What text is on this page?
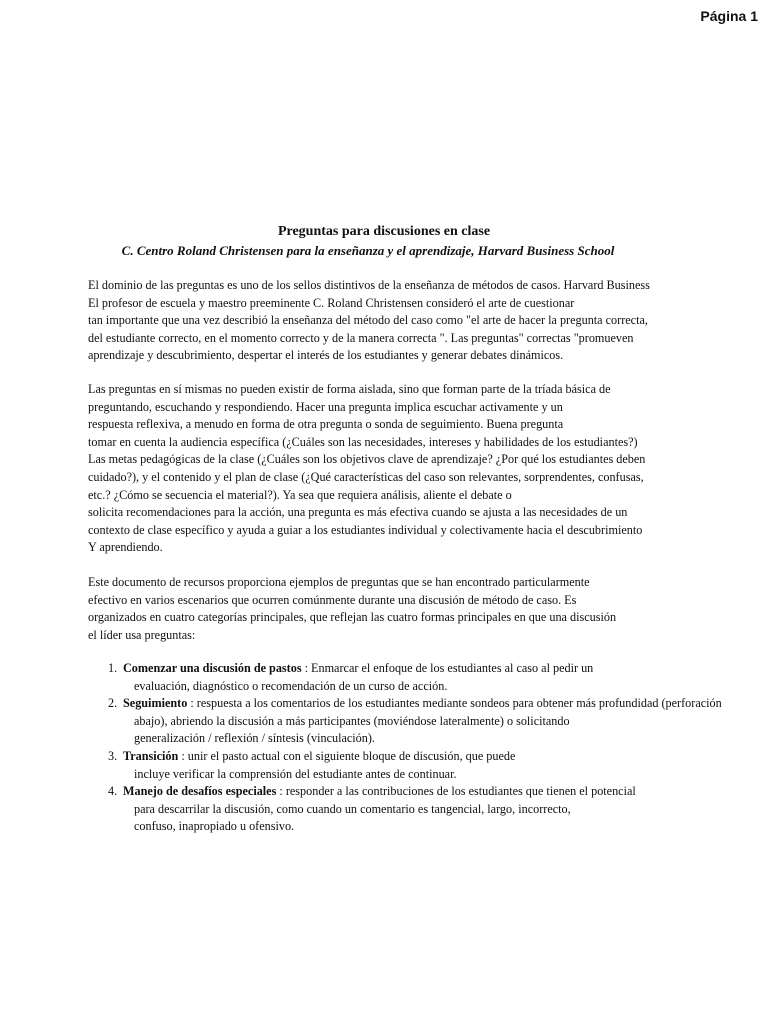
Página 1
Preguntas para discusiones en clase
C. Centro Roland Christensen para la enseñanza y el aprendizaje, Harvard Business School

El dominio de las preguntas es uno de los sellos distintivos de la enseñanza de métodos de casos. Harvard Business
El profesor de escuela y maestro preeminente C. Roland Christensen consideró el arte de cuestionar
tan importante que una vez describió la enseñanza del método del caso como "el arte de hacer la pregunta correcta,
del estudiante correcto, en el momento correcto y de la manera correcta ". Las preguntas" correctas "promueven
aprendizaje y descubrimiento, despertar el interés de los estudiantes y generar debates dinámicos.

Las preguntas en sí mismas no pueden existir de forma aislada, sino que forman parte de la tríada básica de
preguntando, escuchando y respondiendo. Hacer una pregunta implica escuchar activamente y un
respuesta reflexiva, a menudo en forma de otra pregunta o sonda de seguimiento. Buena pregunta
tomar en cuenta la audiencia específica (¿Cuáles son las necesidades, intereses y habilidades de los estudiantes?)
Las metas pedagógicas de la clase (¿Cuáles son los objetivos clave de aprendizaje? ¿Por qué los estudiantes deben
cuidado?), y el contenido y el plan de clase (¿Qué características del caso son relevantes, sorprendentes, confusas,
etc.? ¿Cómo se secuencia el material?). Ya sea que requiera análisis, aliente el debate o
solicita recomendaciones para la acción, una pregunta es más efectiva cuando se ajusta a las necesidades de un
contexto de clase específico y ayuda a guiar a los estudiantes individual y colectivamente hacia el descubrimiento
Y aprendiendo.

Este documento de recursos proporciona ejemplos de preguntas que se han encontrado particularmente
efectivo en varios escenarios que ocurren comúnmente durante una discusión de método de caso. Es
organizados en cuatro categorías principales, que reflejan las cuatro formas principales en que una discusión
el líder usa preguntas:

1. Comenzar una discusión de pastos : Enmarcar el enfoque de los estudiantes al caso al pedir un
evaluación, diagnóstico o recomendación de un curso de acción.
2. Seguimiento : respuesta a los comentarios de los estudiantes mediante sondeos para obtener más profundidad (perforación
abajo), abriendo la discusión a más participantes (moviéndose lateralmente) o solicitando
generalización / reflexión / síntesis (vinculación).
3. Transición : unir el pasto actual con el siguiente bloque de discusión, que puede
incluye verificar la comprensión del estudiante antes de continuar.
4. Manejo de desafíos especiales : responder a las contribuciones de los estudiantes que tienen el potencial
para descarrilar la discusión, como cuando un comentario es tangencial, largo, incorrecto,
confuso, inapropiado u ofensivo.
